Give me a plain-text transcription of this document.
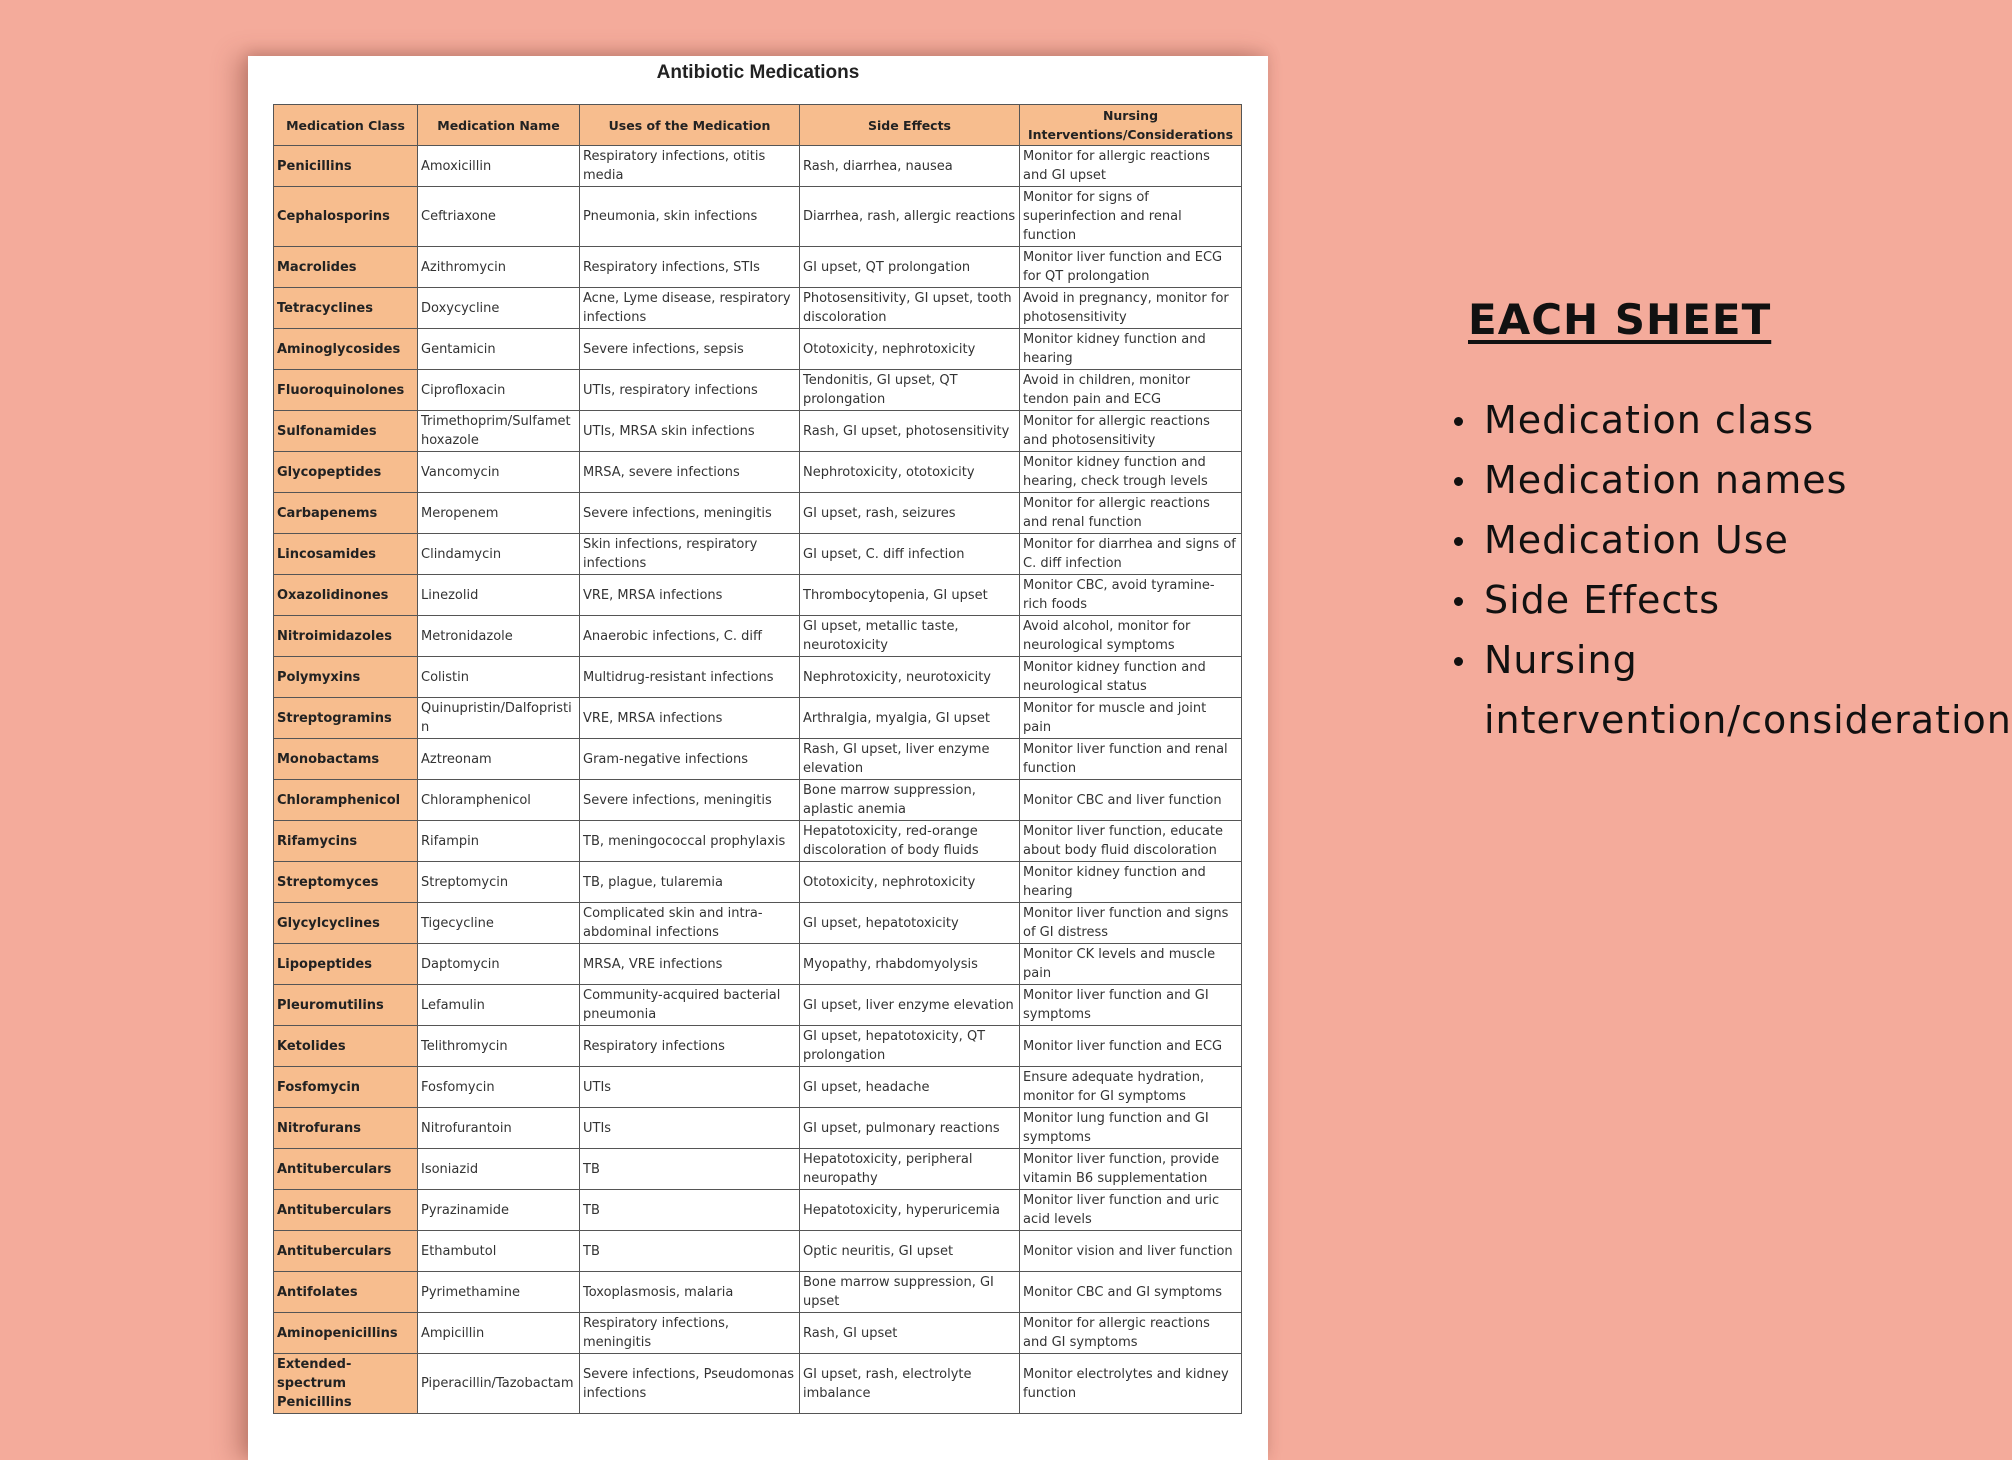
Antibiotic Medications
Medication Class	Medication Name	Uses of the Medication	Side Effects	Nursing Interventions/Considerations
Penicillins	Amoxicillin	Respiratory infections, otitis media	Rash, diarrhea, nausea	Monitor for allergic reactions and GI upset
Cephalosporins	Ceftriaxone	Pneumonia, skin infections	Diarrhea, rash, allergic reactions	Monitor for signs of superinfection and renal function
Macrolides	Azithromycin	Respiratory infections, STIs	GI upset, QT prolongation	Monitor liver function and ECG for QT prolongation
Tetracyclines	Doxycycline	Acne, Lyme disease, respiratory infections	Photosensitivity, GI upset, tooth discoloration	Avoid in pregnancy, monitor for photosensitivity
Aminoglycosides	Gentamicin	Severe infections, sepsis	Ototoxicity, nephrotoxicity	Monitor kidney function and hearing
Fluoroquinolones	Ciprofloxacin	UTIs, respiratory infections	Tendonitis, GI upset, QT prolongation	Avoid in children, monitor tendon pain and ECG
Sulfonamides	Trimethoprim/Sulfamethoxazole	UTIs, MRSA skin infections	Rash, GI upset, photosensitivity	Monitor for allergic reactions and photosensitivity
Glycopeptides	Vancomycin	MRSA, severe infections	Nephrotoxicity, ototoxicity	Monitor kidney function and hearing, check trough levels
Carbapenems	Meropenem	Severe infections, meningitis	GI upset, rash, seizures	Monitor for allergic reactions and renal function
Lincosamides	Clindamycin	Skin infections, respiratory infections	GI upset, C. diff infection	Monitor for diarrhea and signs of C. diff infection
Oxazolidinones	Linezolid	VRE, MRSA infections	Thrombocytopenia, GI upset	Monitor CBC, avoid tyramine-rich foods
Nitroimidazoles	Metronidazole	Anaerobic infections, C. diff	GI upset, metallic taste, neurotoxicity	Avoid alcohol, monitor for neurological symptoms
Polymyxins	Colistin	Multidrug-resistant infections	Nephrotoxicity, neurotoxicity	Monitor kidney function and neurological status
Streptogramins	Quinupristin/Dalfopristin	VRE, MRSA infections	Arthralgia, myalgia, GI upset	Monitor for muscle and joint pain
Monobactams	Aztreonam	Gram-negative infections	Rash, GI upset, liver enzyme elevation	Monitor liver function and renal function
Chloramphenicol	Chloramphenicol	Severe infections, meningitis	Bone marrow suppression, aplastic anemia	Monitor CBC and liver function
Rifamycins	Rifampin	TB, meningococcal prophylaxis	Hepatotoxicity, red-orange discoloration of body fluids	Monitor liver function, educate about body fluid discoloration
Streptomyces	Streptomycin	TB, plague, tularemia	Ototoxicity, nephrotoxicity	Monitor kidney function and hearing
Glycylcyclines	Tigecycline	Complicated skin and intra-abdominal infections	GI upset, hepatotoxicity	Monitor liver function and signs of GI distress
Lipopeptides	Daptomycin	MRSA, VRE infections	Myopathy, rhabdomyolysis	Monitor CK levels and muscle pain
Pleuromutilins	Lefamulin	Community-acquired bacterial pneumonia	GI upset, liver enzyme elevation	Monitor liver function and GI symptoms
Ketolides	Telithromycin	Respiratory infections	GI upset, hepatotoxicity, QT prolongation	Monitor liver function and ECG
Fosfomycin	Fosfomycin	UTIs	GI upset, headache	Ensure adequate hydration, monitor for GI symptoms
Nitrofurans	Nitrofurantoin	UTIs	GI upset, pulmonary reactions	Monitor lung function and GI symptoms
Antituberculars	Isoniazid	TB	Hepatotoxicity, peripheral neuropathy	Monitor liver function, provide vitamin B6 supplementation
Antituberculars	Pyrazinamide	TB	Hepatotoxicity, hyperuricemia	Monitor liver function and uric acid levels
Antituberculars	Ethambutol	TB	Optic neuritis, GI upset	Monitor vision and liver function
Antifolates	Pyrimethamine	Toxoplasmosis, malaria	Bone marrow suppression, GI upset	Monitor CBC and GI symptoms
Aminopenicillins	Ampicillin	Respiratory infections, meningitis	Rash, GI upset	Monitor for allergic reactions and GI symptoms
Extended-spectrum Penicillins	Piperacillin/Tazobactam	Severe infections, Pseudomonas infections	GI upset, rash, electrolyte imbalance	Monitor electrolytes and kidney function
EACH SHEET
Medication class
Medication names
Medication Use
Side Effects
Nursing intervention/consideration
